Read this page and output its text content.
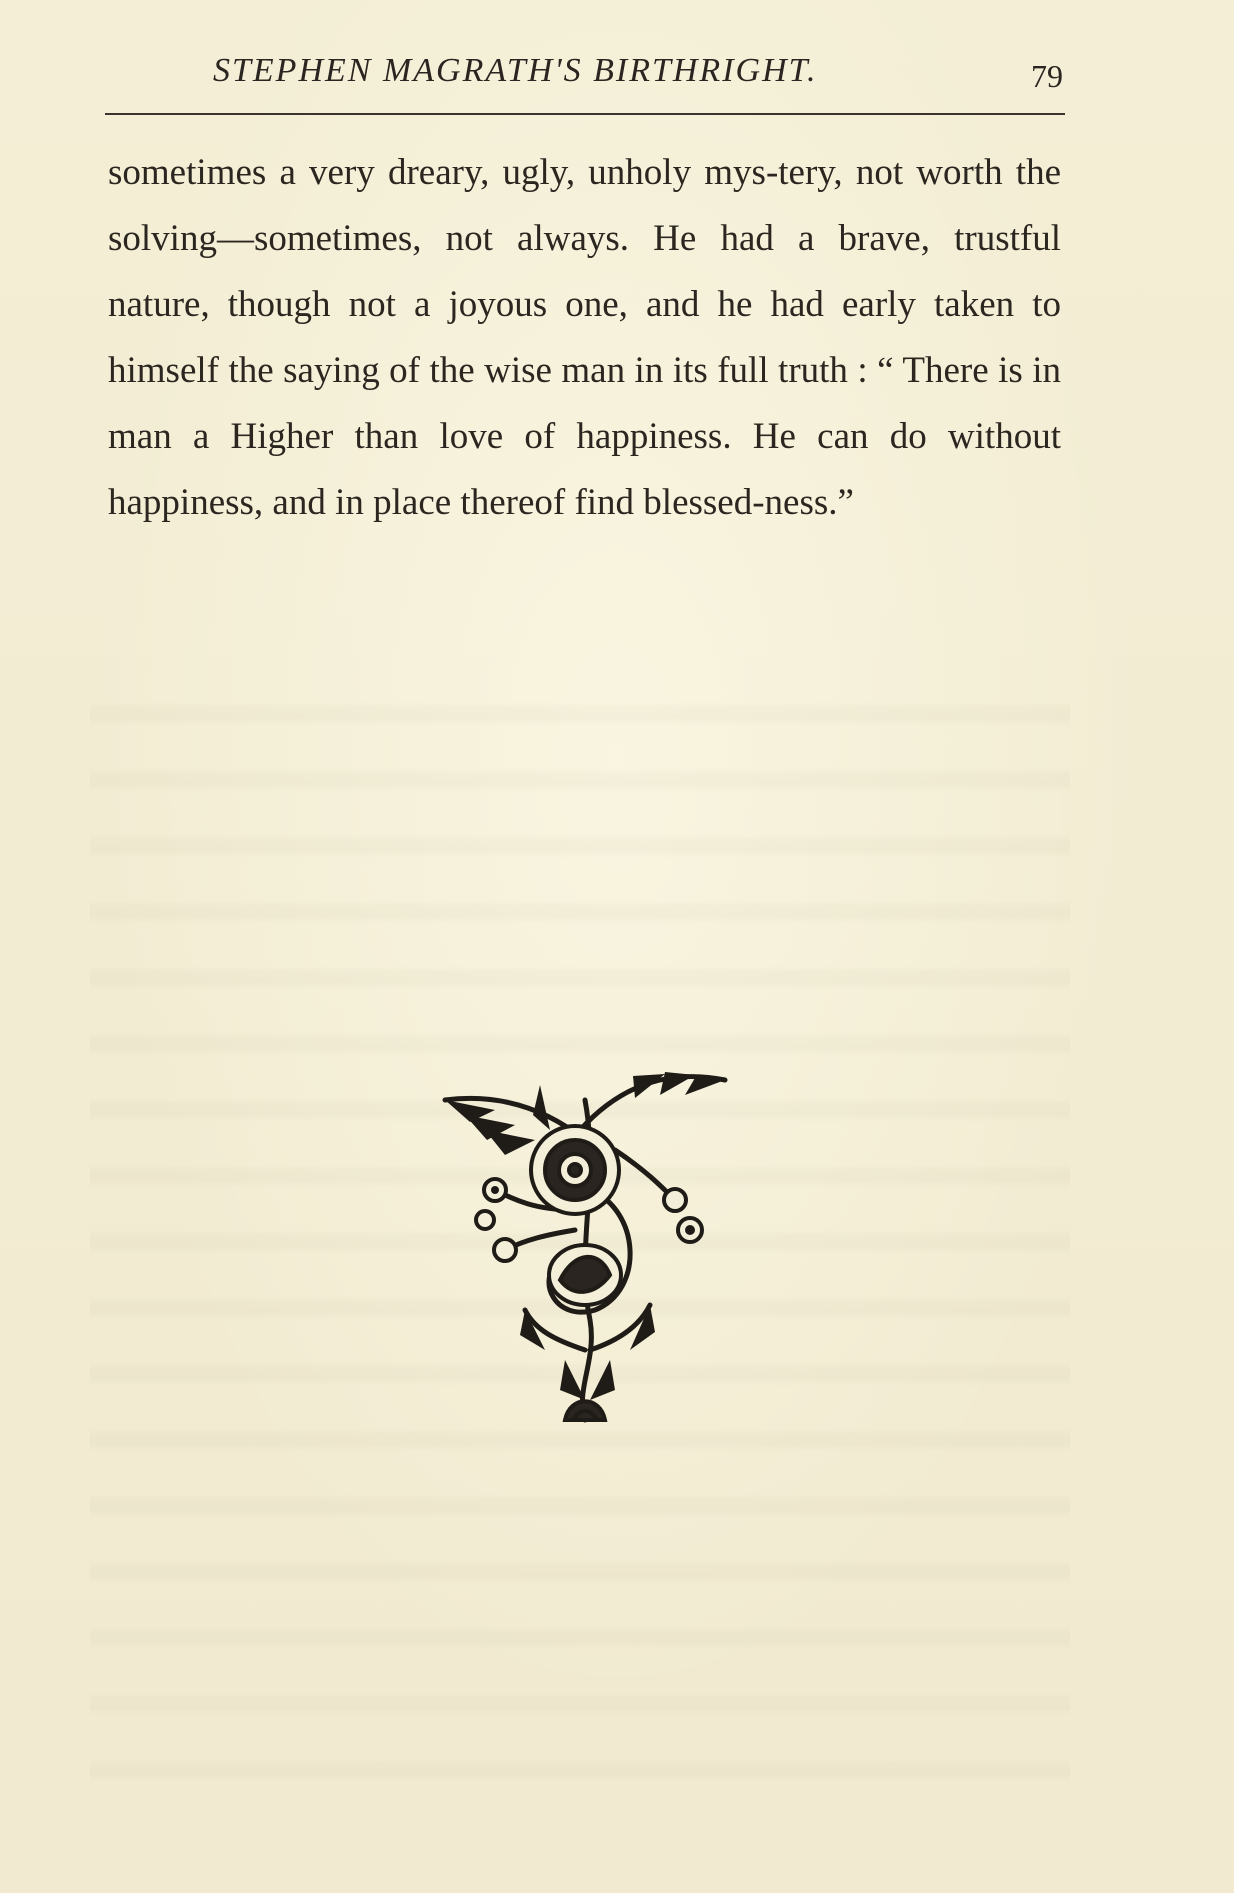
STEPHEN MAGRATH'S BIRTHRIGHT.	79

sometimes a very dreary, ugly, unholy mys-tery, not worth the solving—sometimes, not always. He had a brave, trustful nature, though not a joyous one, and he had early taken to himself the saying of the wise man in its full truth : “ There is in man a Higher than love of happiness. He can do without happiness, and in place thereof find blessed-ness.”
